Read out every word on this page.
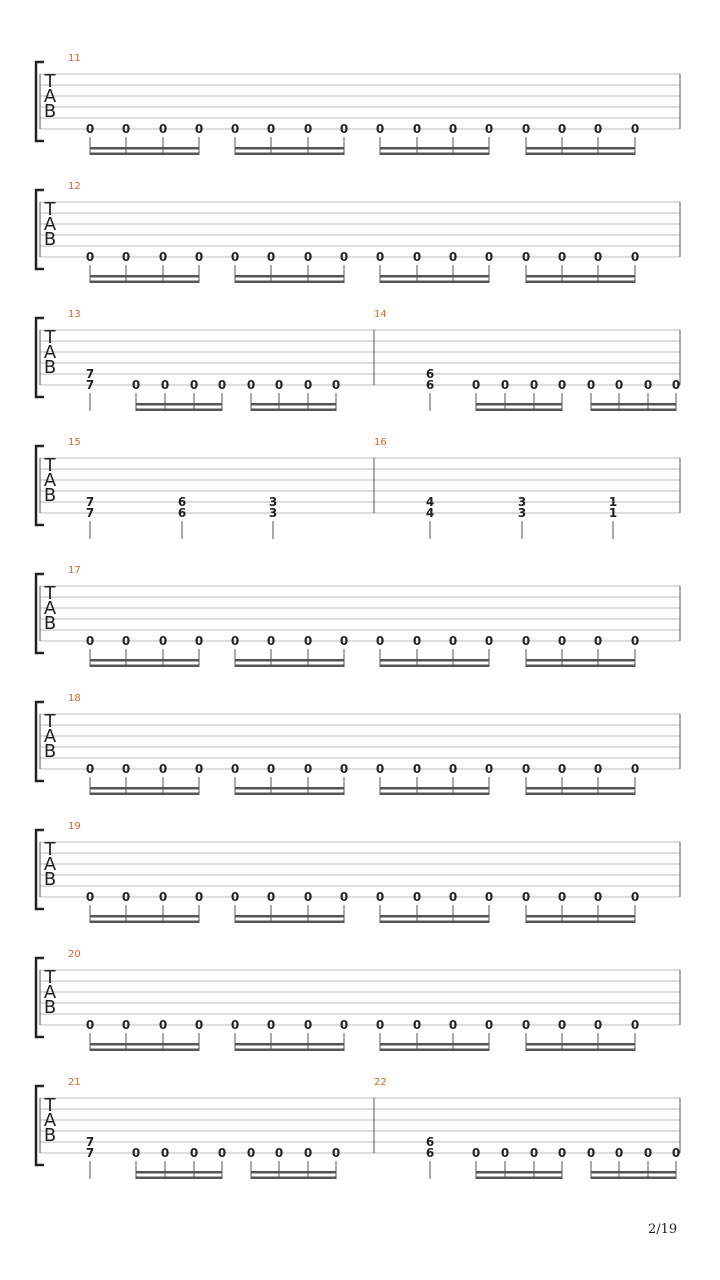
T
A
B
11
0 0 0 0 0 0 0 0 0 0 0 0 0 0 0 0
T
A
B
12
0 0 0 0 0 0 0 0 0 0 0 0 0 0 0 0
T
A
B
13
7
7	0 0 0 0 0 0 0 0
14
6
6	0 0 0 0 0 0 0 0
T
A
B
15
7
7
6
6
3
3
16
4
4
3
3
1
1
T
A
B
17
0 0 0 0 0 0 0 0 0 0 0 0 0 0 0 0
T
A
B
18
0 0 0 0 0 0 0 0 0 0 0 0 0 0 0 0
T
A
B
19
0 0 0 0 0 0 0 0 0 0 0 0 0 0 0 0
T
A
B
20
0 0 0 0 0 0 0 0 0 0 0 0 0 0 0 0
T
A
B
21
7
7	0 0 0 0 0 0 0 0
22
6
6	0 0 0 0 0 0 0 0
2/19
